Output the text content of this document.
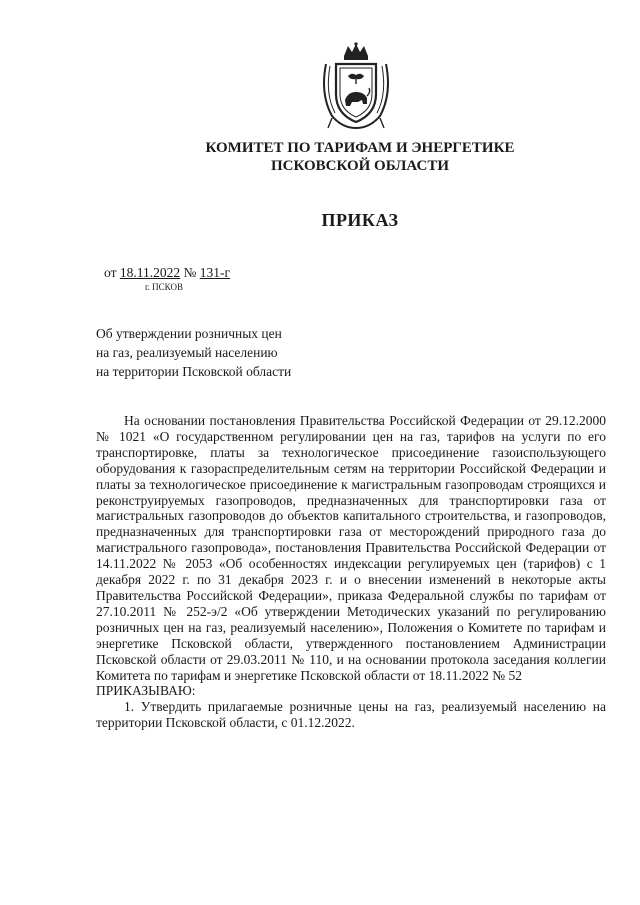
КОМИТЕТ ПО ТАРИФАМ И ЭНЕРГЕТИКЕ
ПСКОВСКОЙ ОБЛАСТИ
ПРИКАЗ
от 18.11.2022 № 131-г
г. ПСКОВ
Об утверждении розничных цен
на газ, реализуемый населению
на территории Псковской области

На основании постановления Правительства Российской Федерации от 29.12.2000 № 1021 «О государственном регулировании цен на газ, тарифов на услуги по его транспортировке, платы за технологическое присоединение газоиспользующего оборудования к газораспределительным сетям на территории Российской Федерации и платы за технологическое присоединение к магистральным газопроводам строящихся и реконструируемых газопроводов, предназначенных для транспортировки газа от магистральных газопроводов до объектов капитального строительства, и газопроводов, предназначенных для транспортировки газа от месторождений природного газа до магистрального газопровода», постановления Правительства Российской Федерации от 14.11.2022 № 2053 «Об особенностях индексации регулируемых цен (тарифов) с 1 декабря 2022 г. по 31 декабря 2023 г. и о внесении изменений в некоторые акты Правительства Российской Федерации», приказа Федеральной службы по тарифам от 27.10.2011 № 252-э/2 «Об утверждении Методических указаний по регулированию розничных цен на газ, реализуемый населению», Положения о Комитете по тарифам и энергетике Псковской области, утвержденного постановлением Администрации Псковской области от 29.03.2011 № 110, и на основании протокола заседания коллегии Комитета по тарифам и энергетике Псковской области от 18.11.2022 № 52

ПРИКАЗЫВАЮ:

1. Утвердить прилагаемые розничные цены на газ, реализуемый населению на территории Псковской области, с 01.12.2022.
